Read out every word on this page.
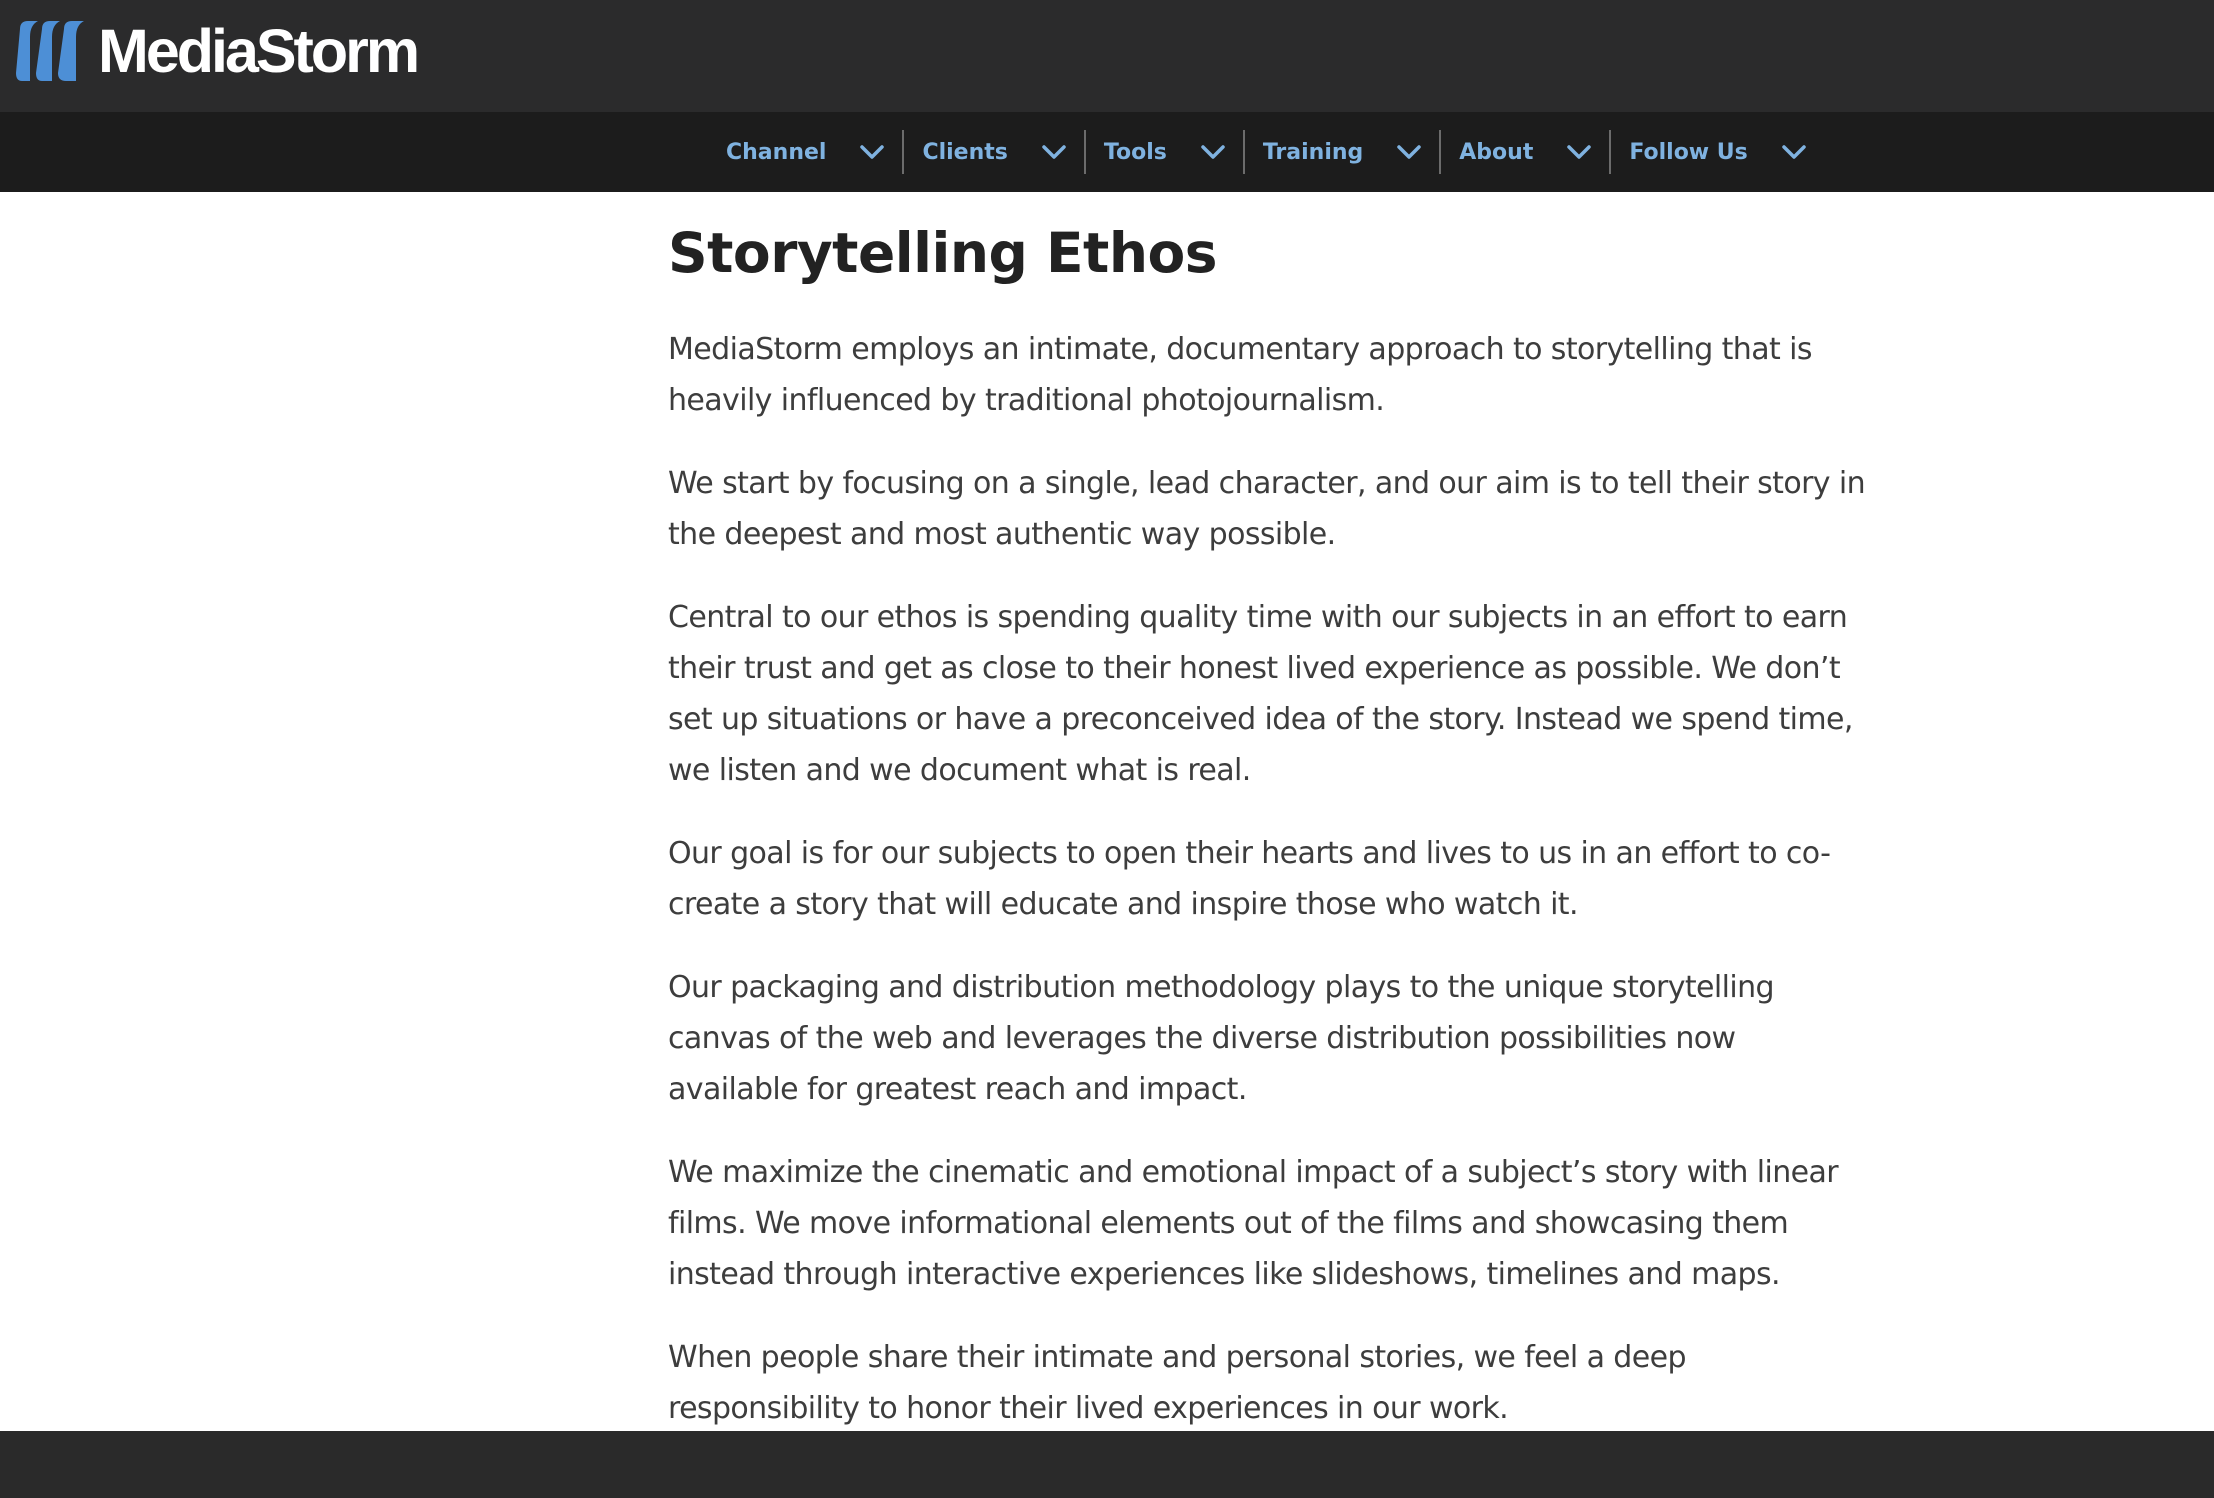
MediaStorm
Channel	Clients	Tools	Training	About	Follow Us
Storytelling Ethos

MediaStorm employs an intimate, documentary approach to storytelling that is heavily influenced by traditional photojournalism.

We start by focusing on a single, lead character, and our aim is to tell their story in the deepest and most authentic way possible.

Central to our ethos is spending quality time with our subjects in an effort to earn their trust and get as close to their honest lived experience as possible. We don’t set up situations or have a preconceived idea of the story. Instead we spend time, we listen and we document what is real.

Our goal is for our subjects to open their hearts and lives to us in an effort to co-create a story that will educate and inspire those who watch it.

Our packaging and distribution methodology plays to the unique storytelling canvas of the web and leverages the diverse distribution possibilities now available for greatest reach and impact.

We maximize the cinematic and emotional impact of a subject’s story with linear films. We move informational elements out of the films and showcasing them instead through interactive experiences like slideshows, timelines and maps.

When people share their intimate and personal stories, we feel a deep responsibility to honor their lived experiences in our work.
